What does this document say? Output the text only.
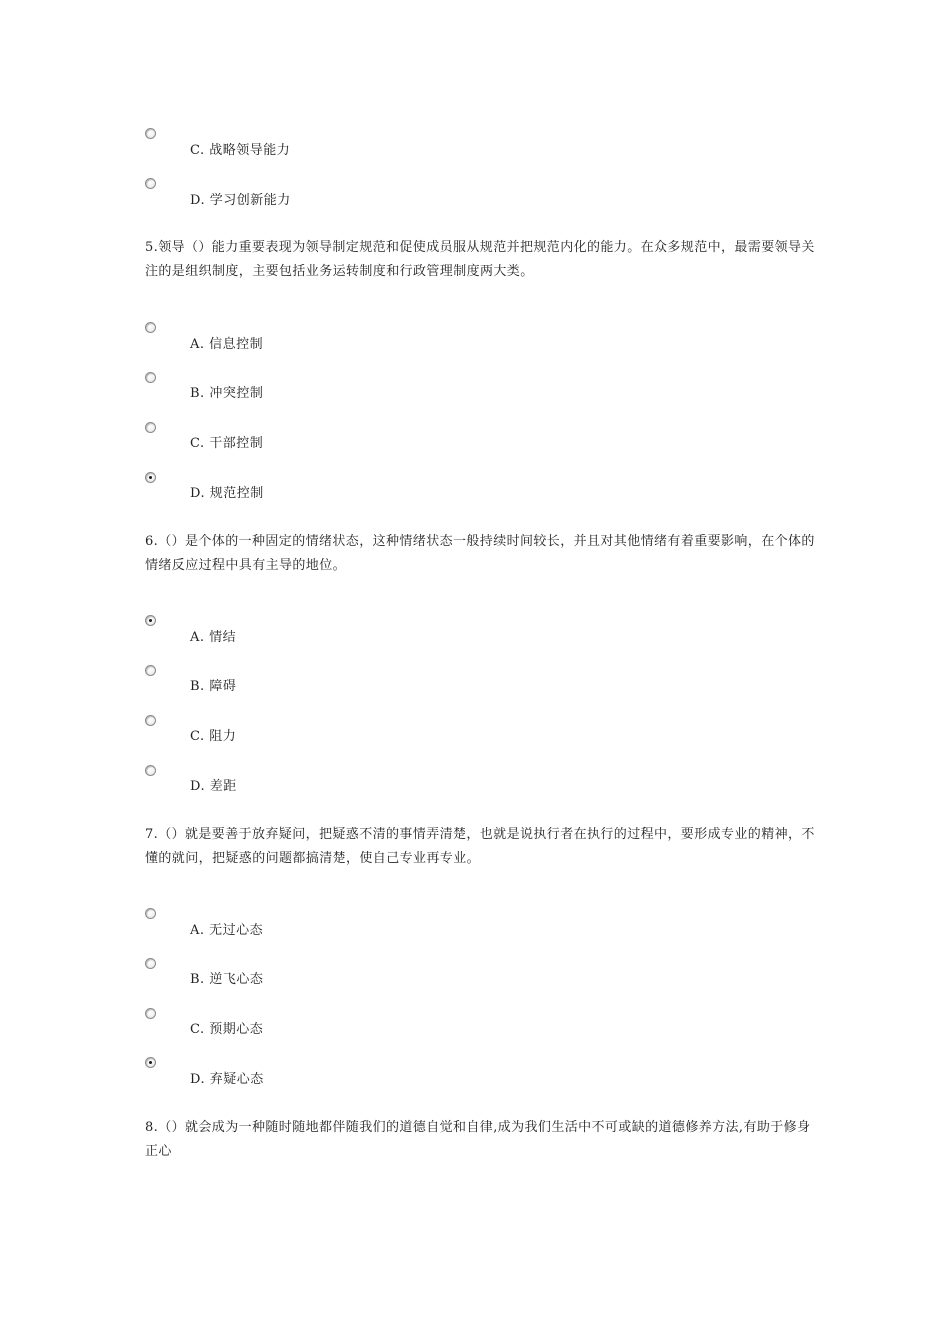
C. 战略领导能力
D. 学习创新能力
5.领导（）能力重要表现为领导制定规范和促使成员服从规范并把规范内化的能力。在众多规范中，最需要领导关注的是组织制度，主要包括业务运转制度和行政管理制度两大类。
A. 信息控制
B. 冲突控制
C. 干部控制
D. 规范控制
6.（）是个体的一种固定的情绪状态，这种情绪状态一般持续时间较长，并且对其他情绪有着重要影响，在个体的情绪反应过程中具有主导的地位。
A. 情结
B. 障碍
C. 阻力
D. 差距
7.（）就是要善于放弃疑问，把疑惑不清的事情弄清楚，也就是说执行者在执行的过程中，要形成专业的精神，不懂的就问，把疑惑的问题都搞清楚，使自己专业再专业。
A. 无过心态
B. 逆飞心态
C. 预期心态
D. 弃疑心态
8.（）就会成为一种随时随地都伴随我们的道德自觉和自律,成为我们生活中不可或缺的道德修养方法,有助于修身正心
